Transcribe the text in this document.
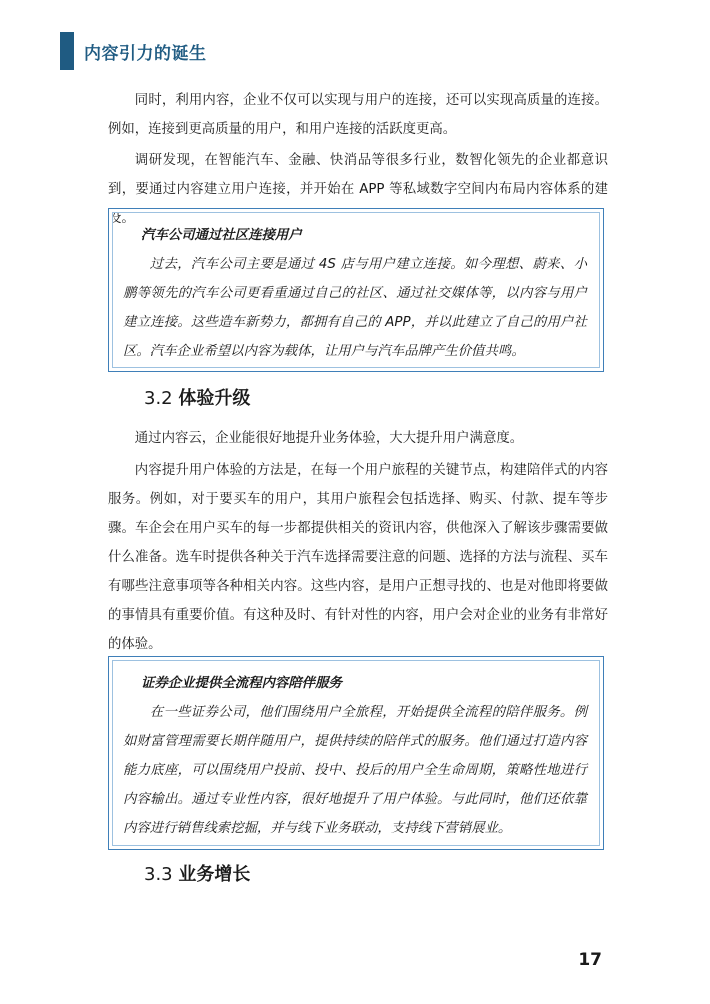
内容引力的诞生

同时，利用内容，企业不仅可以实现与用户的连接，还可以实现高质量的连接。例如，连接到更高质量的用户，和用户连接的活跃度更高。

调研发现，在智能汽车、金融、快消品等很多行业，数智化领先的企业都意识到，要通过内容建立用户连接，并开始在 APP 等私域数字空间内布局内容体系的建设。

汽车公司通过社区连接用户

过去，汽车公司主要是通过 4S 店与用户建立连接。如今理想、蔚来、小鹏等领先的汽车公司更看重通过自己的社区、通过社交媒体等，以内容与用户建立连接。这些造车新势力，都拥有自己的 APP，并以此建立了自己的用户社区。汽车企业希望以内容为载体，让用户与汽车品牌产生价值共鸣。

3.2 体验升级

通过内容云，企业能很好地提升业务体验，大大提升用户满意度。

内容提升用户体验的方法是，在每一个用户旅程的关键节点，构建陪伴式的内容服务。例如，对于要买车的用户，其用户旅程会包括选择、购买、付款、提车等步骤。车企会在用户买车的每一步都提供相关的资讯内容，供他深入了解该步骤需要做什么准备。选车时提供各种关于汽车选择需要注意的问题、选择的方法与流程、买车有哪些注意事项等各种相关内容。这些内容，是用户正想寻找的、也是对他即将要做的事情具有重要价值。有这种及时、有针对性的内容，用户会对企业的业务有非常好的体验。

证券企业提供全流程内容陪伴服务

在一些证券公司，他们围绕用户全旅程，开始提供全流程的陪伴服务。例如财富管理需要长期伴随用户，提供持续的陪伴式的服务。他们通过打造内容能力底座，可以围绕用户投前、投中、投后的用户全生命周期，策略性地进行内容输出。通过专业性内容，很好地提升了用户体验。与此同时，他们还依靠内容进行销售线索挖掘，并与线下业务联动，支持线下营销展业。

3.3 业务增长
17
